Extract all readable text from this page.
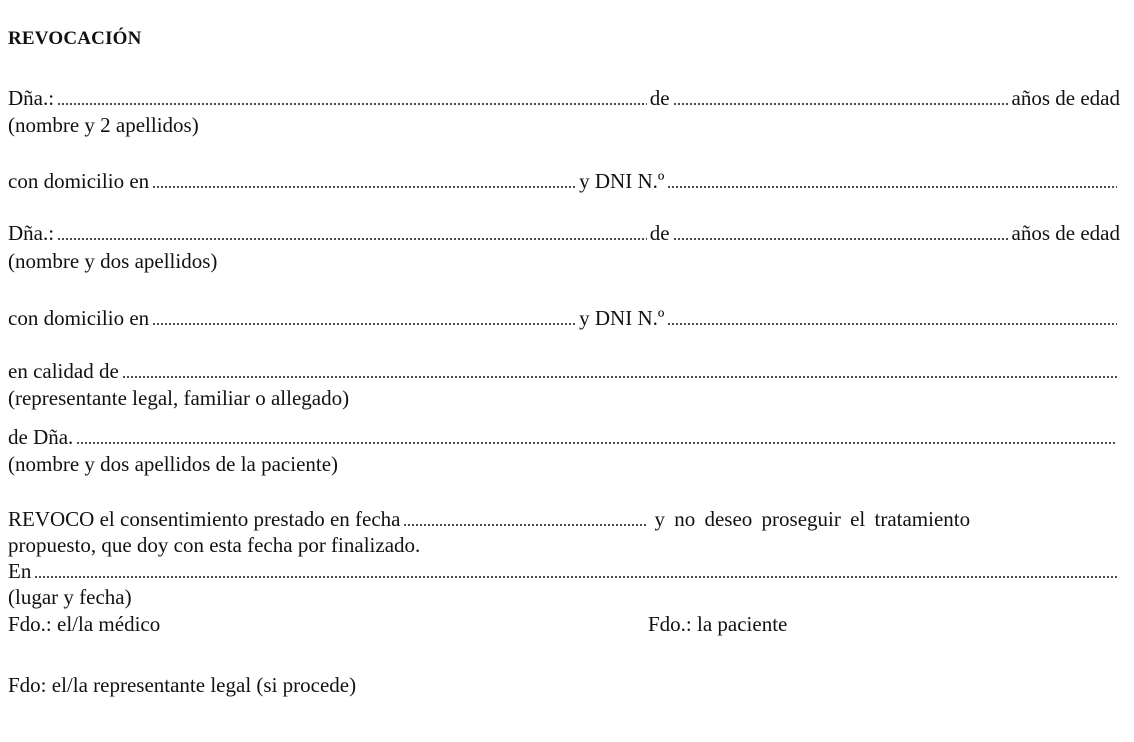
REVOCACIÓN
Dña.:	de	años de edad
(nombre y 2 apellidos)
con domicilio en	y DNI N.º
Dña.:	de	años de edad
(nombre y dos apellidos)
con domicilio en	y DNI N.º
en calidad de
(representante legal, familiar o allegado)
de Dña.
(nombre y dos apellidos de la paciente)
REVOCO el consentimiento prestado en fecha	y no deseo proseguir el tratamiento
propuesto, que doy con esta fecha por finalizado.
En
(lugar y fecha)
Fdo.: el/la médico	Fdo.: la paciente
Fdo: el/la representante legal (si procede)
